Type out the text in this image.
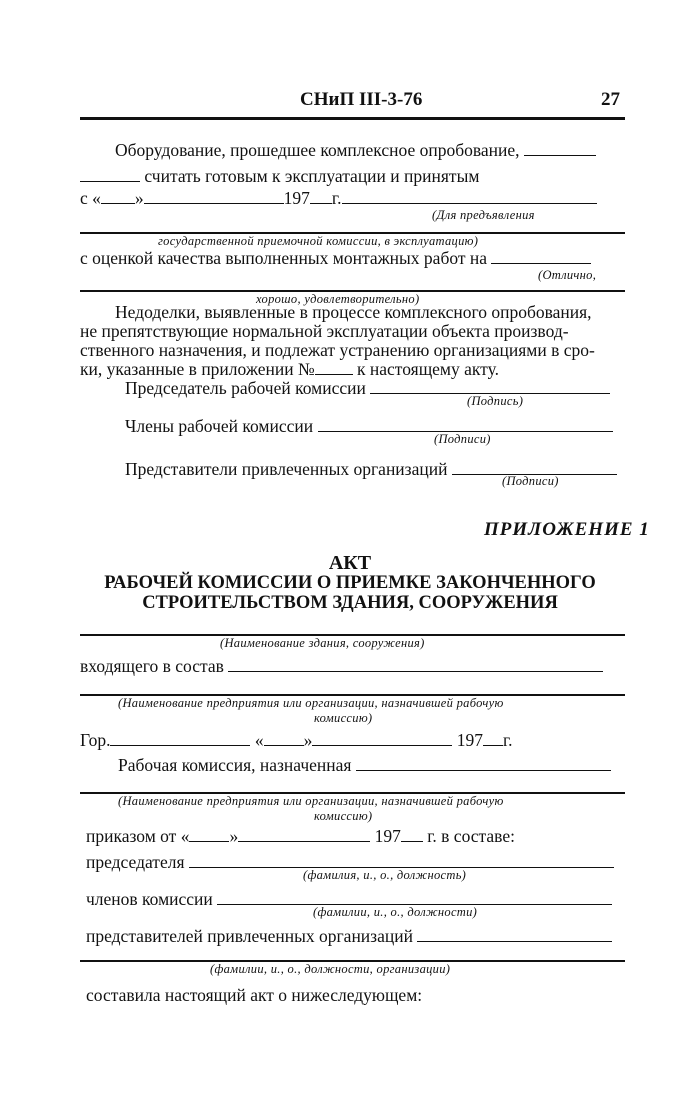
СНиП III-3-76	27
Оборудование, прошедшее комплексное опробование,
считать готовым к эксплуатации и принятым
с « »	197 г.
(Для предъявления
государственной приемочной комиссии, в эксплуатацию)
с оценкой качества выполненных монтажных работ на
(Отлично,
хорошо, удовлетворительно)
Недоделки, выявленные в процессе комплексного опробования,
не препятствующие нормальной эксплуатации объекта производ-
ственного назначения, и подлежат устранению организациями в сро-
ки, указанные в приложении № к настоящему акту.
Председатель рабочей комиссии
(Подпись)
Члены рабочей комиссии
(Подписи)
Представители привлеченных организаций
(Подписи)
ПРИЛОЖЕНИЕ 1
АКТ
РАБОЧЕЙ КОМИССИИ О ПРИЕМКЕ ЗАКОНЧЕННОГО
СТРОИТЕЛЬСТВОМ ЗДАНИЯ, СООРУЖЕНИЯ
(Наименование здания, сооружения)
входящего в состав
(Наименование предприятия или организации, назначившей рабочую
комиссию)
Гор.	« »	197 г.
Рабочая комиссия, назначенная
(Наименование предприятия или организации, назначившей рабочую
комиссию)
приказом от « »	197 г. в составе:
председателя
(фамилия, и., о., должность)
членов комиссии
(фамилии, и., о., должности)
представителей привлеченных организаций
(фамилии, и., о., должности, организации)
составила настоящий акт о нижеследующем:
